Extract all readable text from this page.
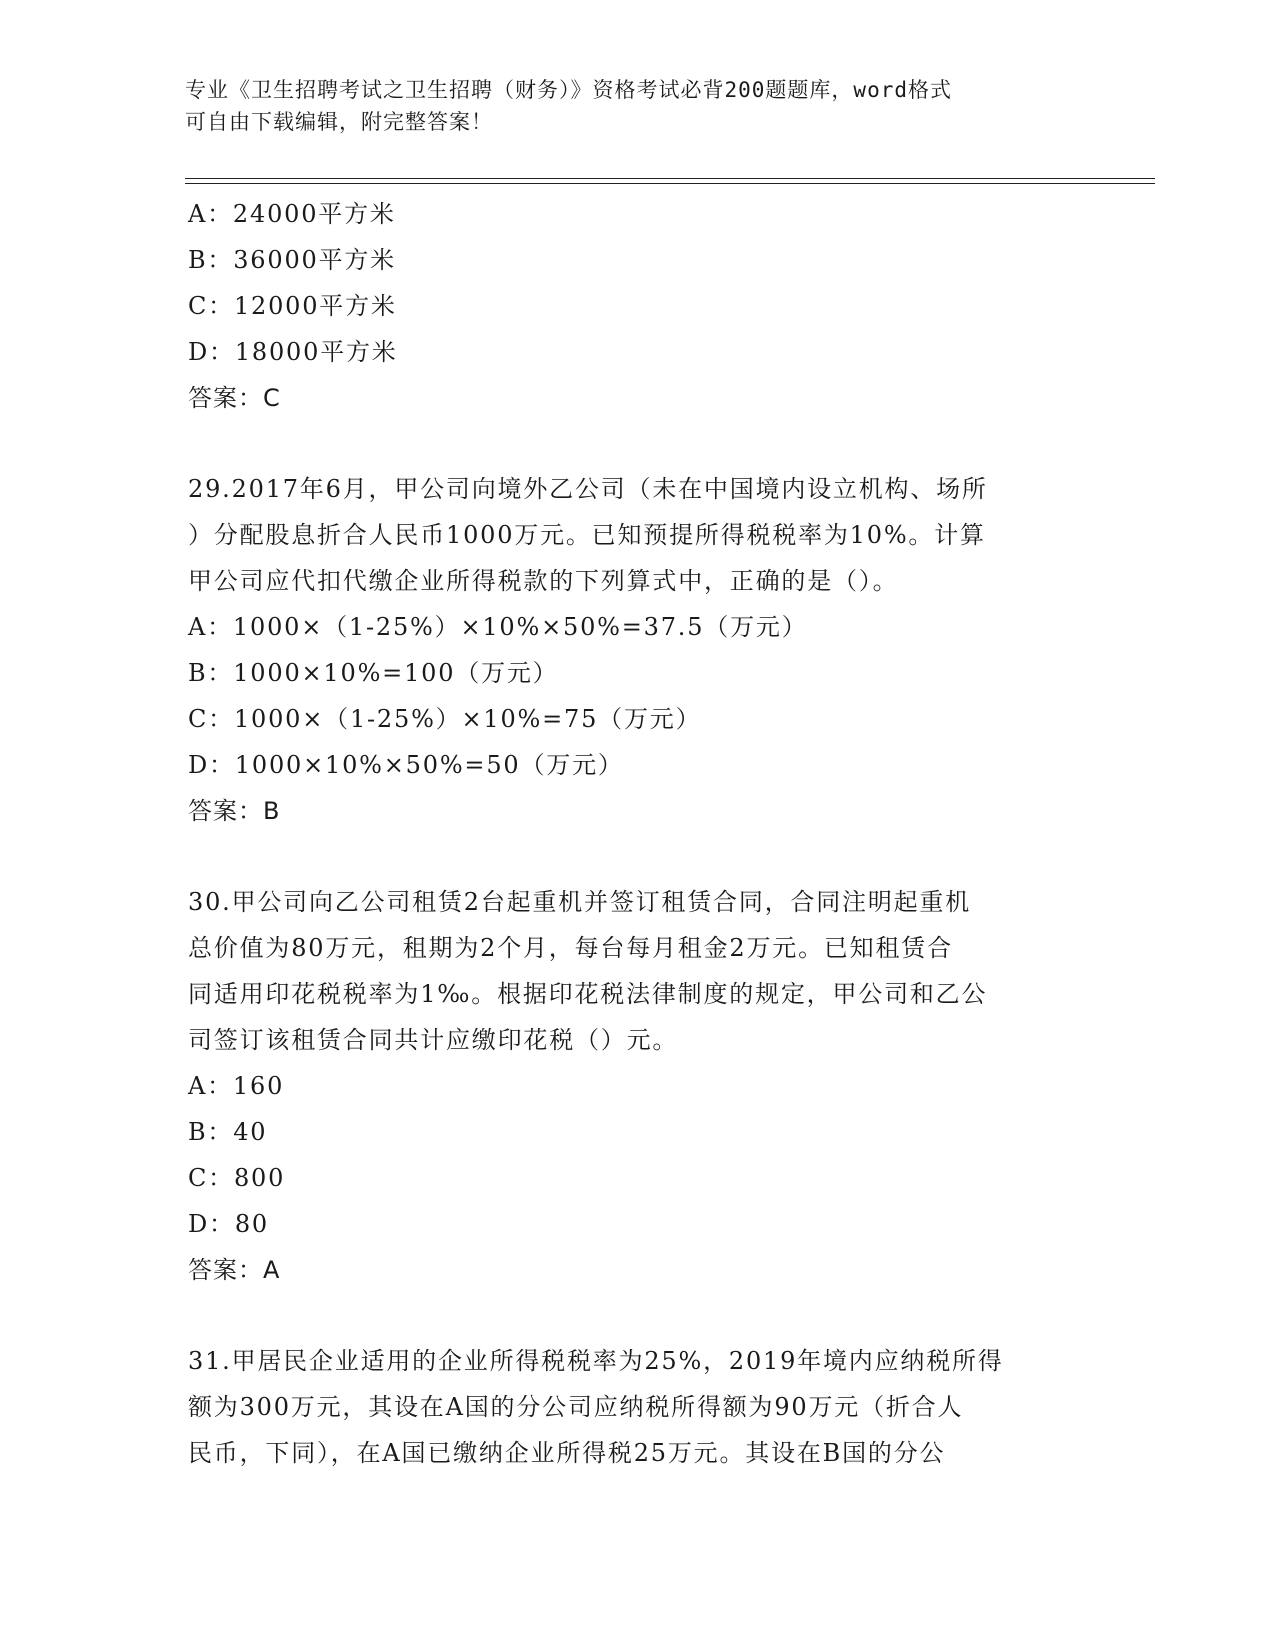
专业《卫生招聘考试之卫生招聘（财务）》资格考试必背200题题库，word格式
可自由下载编辑，附完整答案！
A：24000平方米
B：36000平方米
C：12000平方米
D：18000平方米
答案：C
29.2017年6月，甲公司向境外乙公司（未在中国境内设立机构、场所
）分配股息折合人民币1000万元。已知预提所得税税率为10%。计算
甲公司应代扣代缴企业所得税款的下列算式中，正确的是（）。
A：1000×（1-25%）×10%×50%=37.5（万元）
B：1000×10%=100（万元）
C：1000×（1-25%）×10%=75（万元）
D：1000×10%×50%=50（万元）
答案：B
30.甲公司向乙公司租赁2台起重机并签订租赁合同，合同注明起重机
总价值为80万元，租期为2个月，每台每月租金2万元。已知租赁合
同适用印花税税率为1‰。根据印花税法律制度的规定，甲公司和乙公
司签订该租赁合同共计应缴印花税（）元。
A：160
B：40
C：800
D：80
答案：A
31.甲居民企业适用的企业所得税税率为25%，2019年境内应纳税所得
额为300万元，其设在A国的分公司应纳税所得额为90万元（折合人
民币，下同），在A国已缴纳企业所得税25万元。其设在B国的分公
